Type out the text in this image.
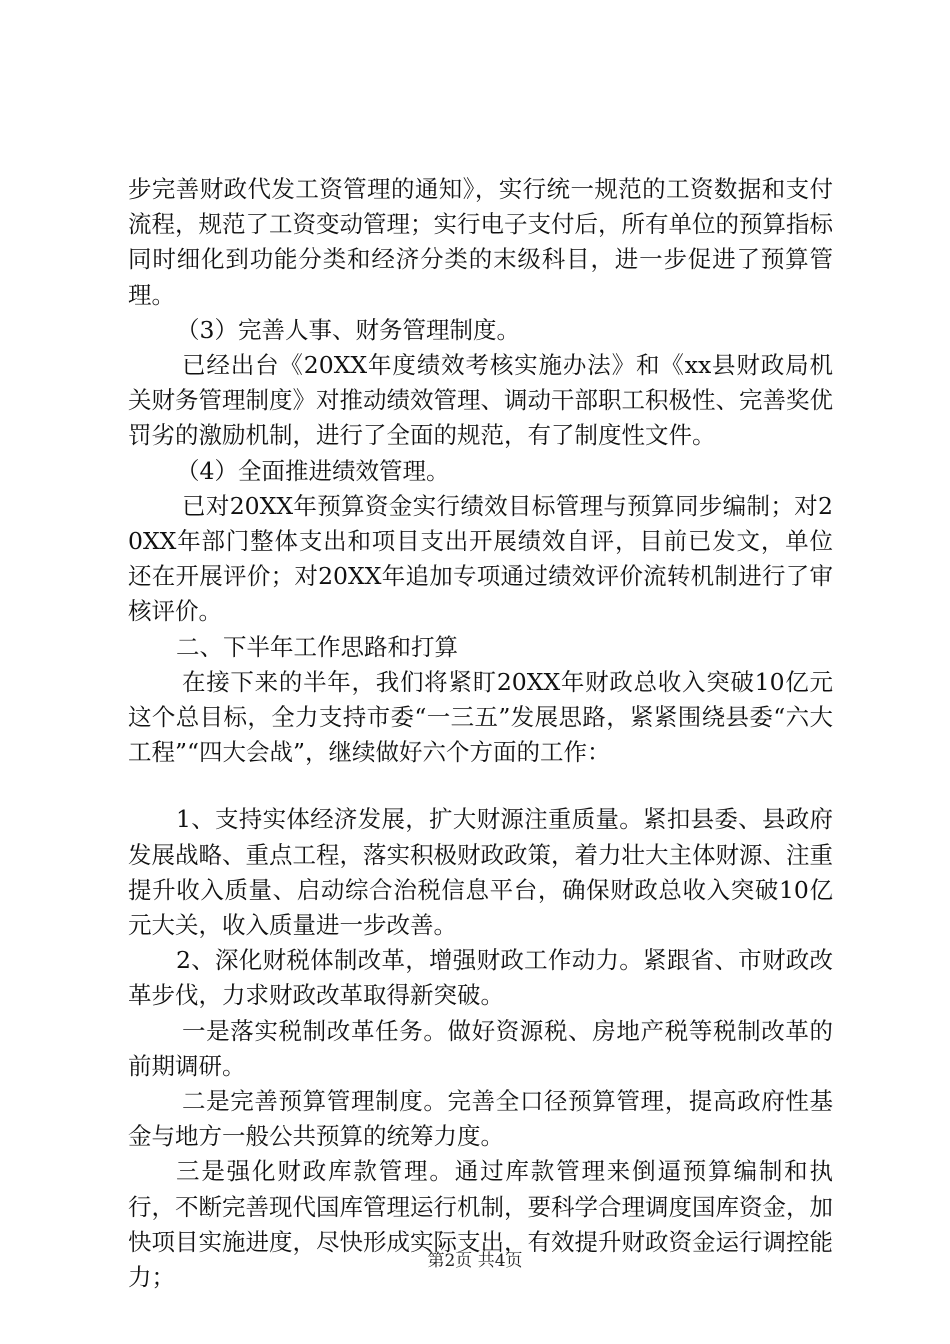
步完善财政代发工资管理的通知》，实行统一规范的工资数据和支付流程，规范了工资变动管理；实行电子支付后，所有单位的预算指标同时细化到功能分类和经济分类的末级科目，进一步促进了预算管理。

（3）完善人事、财务管理制度。

已经出台《20XX年度绩效考核实施办法》和《xx县财政局机关财务管理制度》对推动绩效管理、调动干部职工积极性、完善奖优罚劣的激励机制，进行了全面的规范，有了制度性文件。

（4）全面推进绩效管理。

已对20XX年预算资金实行绩效目标管理与预算同步编制；对20XX年部门整体支出和项目支出开展绩效自评，目前已发文，单位还在开展评价；对20XX年追加专项通过绩效评价流转机制进行了审核评价。

二、下半年工作思路和打算

在接下来的半年，我们将紧盯20XX年财政总收入突破10亿元这个总目标，全力支持市委“一三五”发展思路，紧紧围绕县委“六大工程”“四大会战”，继续做好六个方面的工作：

1、支持实体经济发展，扩大财源注重质量。紧扣县委、县政府发展战略、重点工程，落实积极财政政策，着力壮大主体财源、注重提升收入质量、启动综合治税信息平台，确保财政总收入突破10亿元大关，收入质量进一步改善。

2、深化财税体制改革，增强财政工作动力。紧跟省、市财政改革步伐，力求财政改革取得新突破。

一是落实税制改革任务。做好资源税、房地产税等税制改革的前期调研。

二是完善预算管理制度。完善全口径预算管理，提高政府性基金与地方一般公共预算的统筹力度。

三是强化财政库款管理。通过库款管理来倒逼预算编制和执行，不断完善现代国库管理运行机制，要科学合理调度国库资金，加快项目实施进度，尽快形成实际支出，有效提升财政资金运行调控能力；

第2页 共4页
